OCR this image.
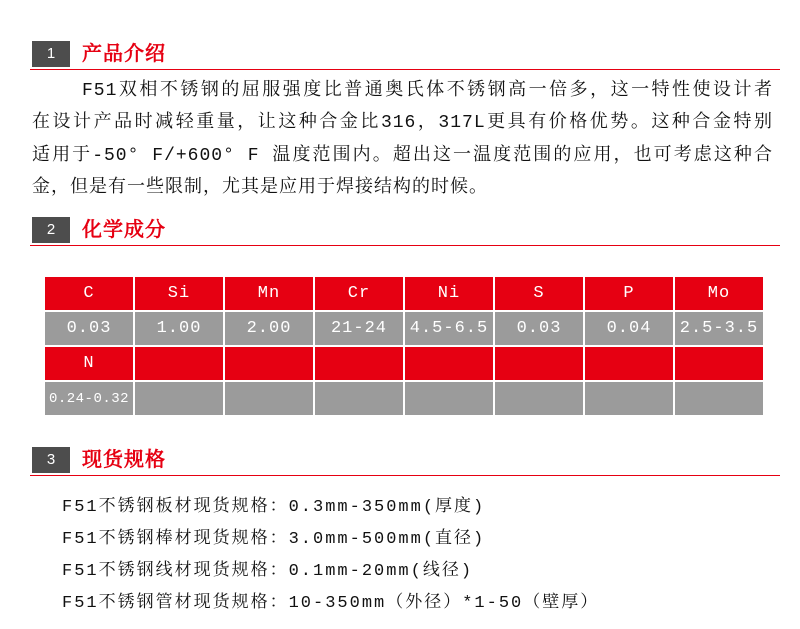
1	产品介绍
F51双相不锈钢的屈服强度比普通奥氏体不锈钢高一倍多，这一特性使设计者
在设计产品时减轻重量，让这种合金比316，317L更具有价格优势。这种合金特别
适用于-50° F/+600° F 温度范围内。超出这一温度范围的应用，也可考虑这种合
金，但是有一些限制，尤其是应用于焊接结构的时候。
2	化学成分
C	Si	Mn	Cr	Ni	S	P	Mo
0.03	1.00	2.00	21-24	4.5-6.5	0.03	0.04	2.5-3.5
N
0.24-0.32
3	现货规格
F51不锈钢板材现货规格：0.3mm-350mm(厚度)
F51不锈钢棒材现货规格：3.0mm-500mm(直径)
F51不锈钢线材现货规格：0.1mm-20mm(线径)
F51不锈钢管材现货规格：10-350mm（外径）*1-50（壁厚）
